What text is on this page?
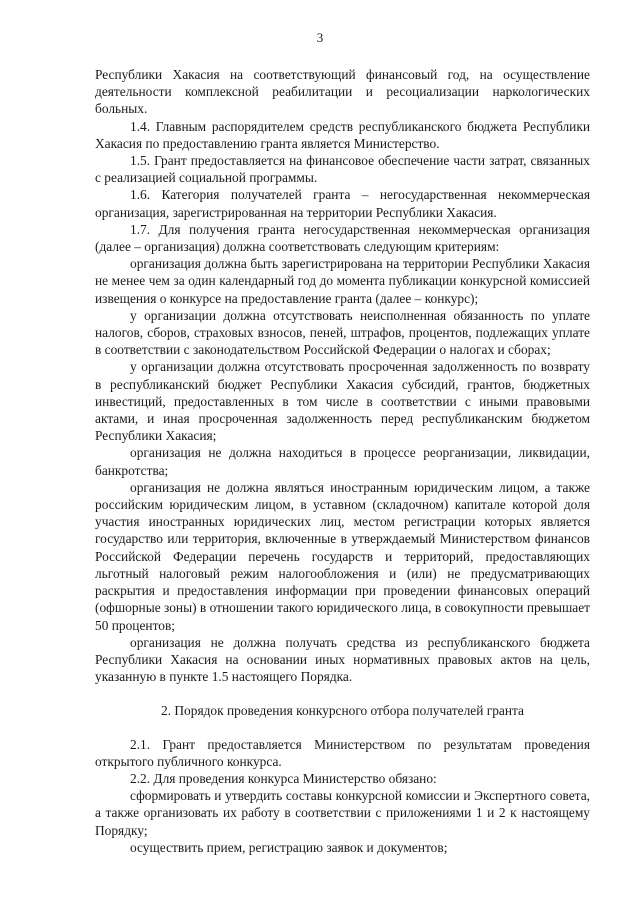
3

Республики Хакасия на соответствующий финансовый год, на осуществление деятельности комплексной реабилитации и ресоциализации наркологических больных.

1.4. Главным распорядителем средств республиканского бюджета Республики Хакасия по предоставлению гранта является Министерство.

1.5. Грант предоставляется на финансовое обеспечение части затрат, связанных с реализацией социальной программы.

1.6. Категория получателей гранта – негосударственная некоммерческая организация, зарегистрированная на территории Республики Хакасия.

1.7. Для получения гранта негосударственная некоммерческая организация (далее – организация) должна соответствовать следующим критериям:

организация должна быть зарегистрирована на территории Республики Хакасия не менее чем за один календарный год до момента публикации конкурсной комиссией извещения о конкурсе на предоставление гранта (далее – конкурс);

у организации должна отсутствовать неисполненная обязанность по уплате налогов, сборов, страховых взносов, пеней, штрафов, процентов, подлежащих уплате в соответствии с законодательством Российской Федерации о налогах и сборах;

у организации должна отсутствовать просроченная задолженность по возврату в республиканский бюджет Республики Хакасия субсидий, грантов, бюджетных инвестиций, предоставленных в том числе в соответствии с иными правовыми актами, и иная просроченная задолженность перед республиканским бюджетом Республики Хакасия;

организация не должна находиться в процессе реорганизации, ликвидации, банкротства;

организация не должна являться иностранным юридическим лицом, а также российским юридическим лицом, в уставном (складочном) капитале которой доля участия иностранных юридических лиц, местом регистрации которых является государство или территория, включенные в утверждаемый Министерством финансов Российской Федерации перечень государств и территорий, предоставляющих льготный налоговый режим налогообложения и (или) не предусматривающих раскрытия и предоставления информации при проведении финансовых операций (офшорные зоны) в отношении такого юридического лица, в совокупности превышает 50 процентов;

организация не должна получать средства из республиканского бюджета Республики Хакасия на основании иных нормативных правовых актов на цель, указанную в пункте 1.5 настоящего Порядка.

2. Порядок проведения конкурсного отбора получателей гранта

2.1. Грант предоставляется Министерством по результатам проведения открытого публичного конкурса.

2.2. Для проведения конкурса Министерство обязано:

сформировать и утвердить составы конкурсной комиссии и Экспертного совета, а также организовать их работу в соответствии с приложениями 1 и 2 к настоящему Порядку;

осуществить прием, регистрацию заявок и документов;
